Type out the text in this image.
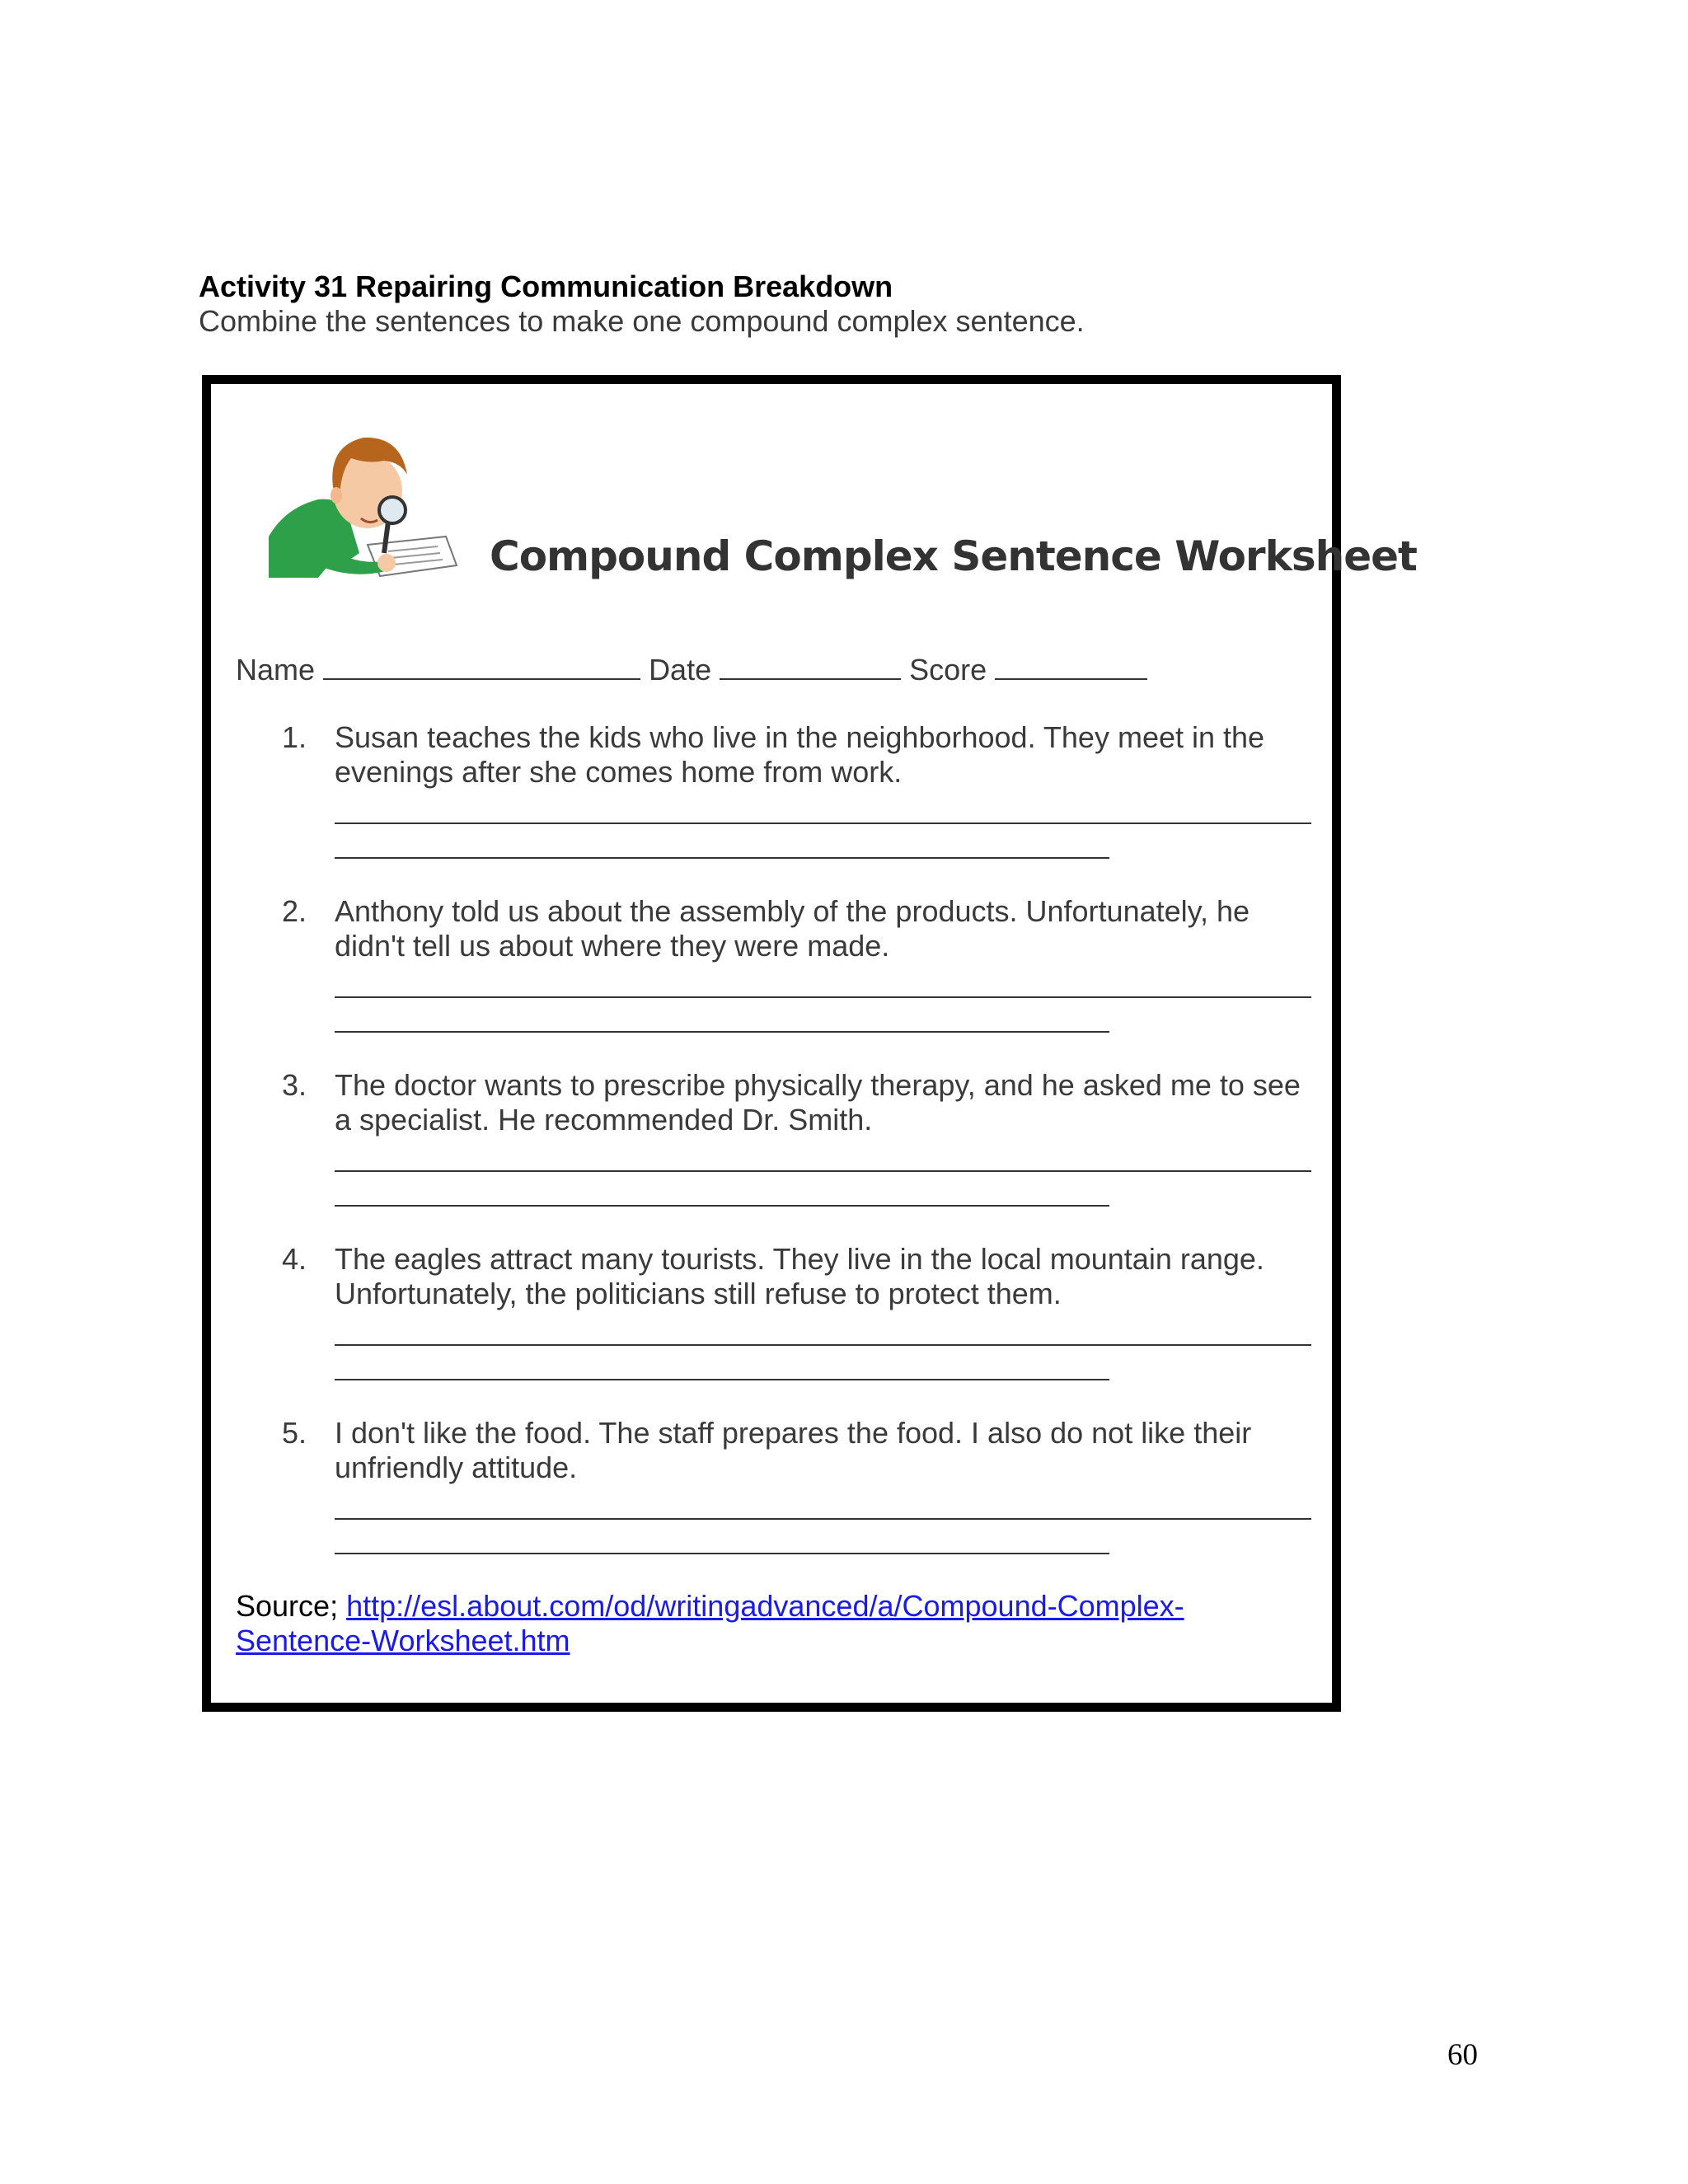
Activity 31 Repairing Communication Breakdown
Combine the sentences to make one compound complex sentence.
Compound Complex Sentence Worksheet
Name	Date	Score
1. Susan teaches the kids who live in the neighborhood. They meet in the evenings after she comes home from work.
2. Anthony told us about the assembly of the products. Unfortunately, he didn't tell us about where they were made.
3. The doctor wants to prescribe physically therapy, and he asked me to see a specialist. He recommended Dr. Smith.
4. The eagles attract many tourists. They live in the local mountain range. Unfortunately, the politicians still refuse to protect them.
5. I don't like the food. The staff prepares the food. I also do not like their unfriendly attitude.
Source; http://esl.about.com/od/writingadvanced/a/Compound-Complex-Sentence-Worksheet.htm
60
